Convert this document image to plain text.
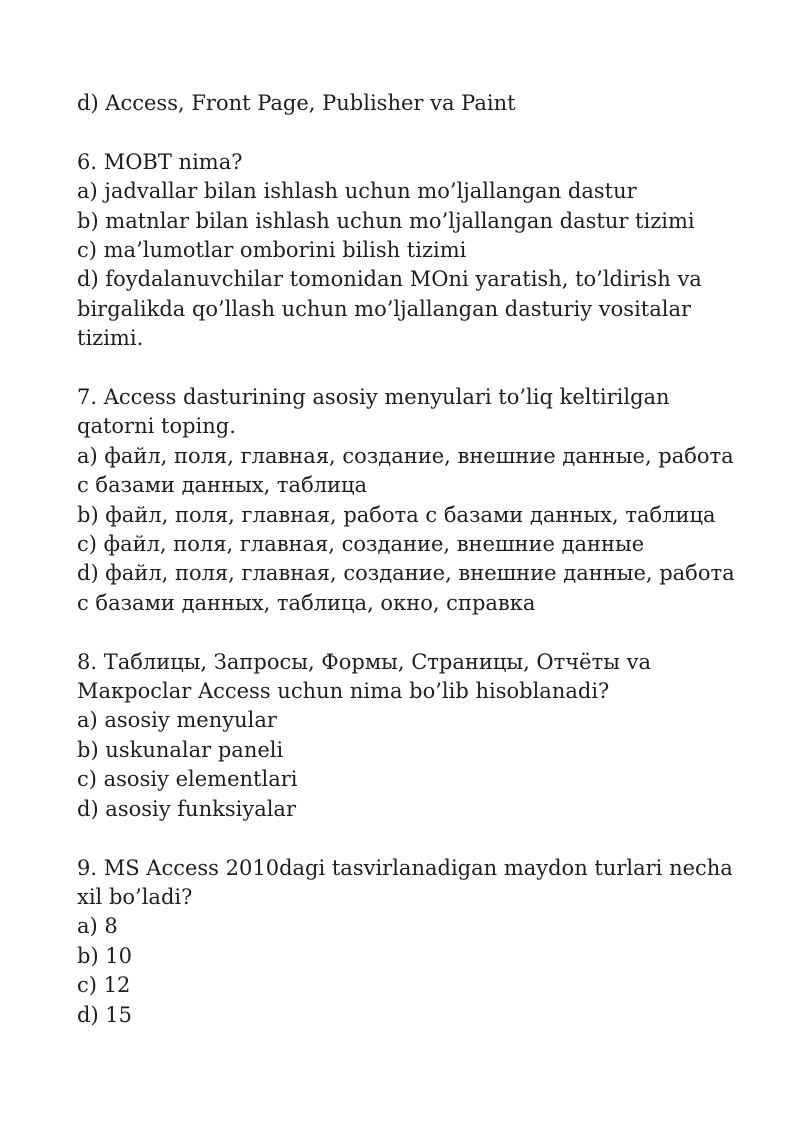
d) Access, Front Page, Publisher va Paint
6. MOBT nima?
a) jadvallar bilan ishlash uchun mo’ljallangan dastur
b) matnlar bilan ishlash uchun mo’ljallangan dastur tizimi
c) ma’lumotlar omborini bilish tizimi
d) foydalanuvchilar tomonidan MOni yaratish, to’ldirish va birgalikda qo’llash uchun mo’ljallangan dasturiy vositalar tizimi.
7. Access dasturining asosiy menyulari to’liq keltirilgan qatorni toping.
a) файл, поля, главная, создание, внешние данные, работа с базами данных, таблица
b) файл, поля, главная, работа с базами данных, таблица
c) файл, поля, главная, создание, внешние данные
d) файл, поля, главная, создание, внешние данные, работа с базами данных, таблица, окно, справка
8. Таблицы, Запросы, Формы, Страницы, Отчёты va Макроclar Access uchun nima bo’lib hisoblanadi?
a) asosiy menyular
b) uskunalar paneli
c) asosiy elementlari
d) asosiy funksiyalar
9. MS Access 2010dagi tasvirlanadigan maydon turlari necha xil bo’ladi?
a) 8
b) 10
c) 12
d) 15
